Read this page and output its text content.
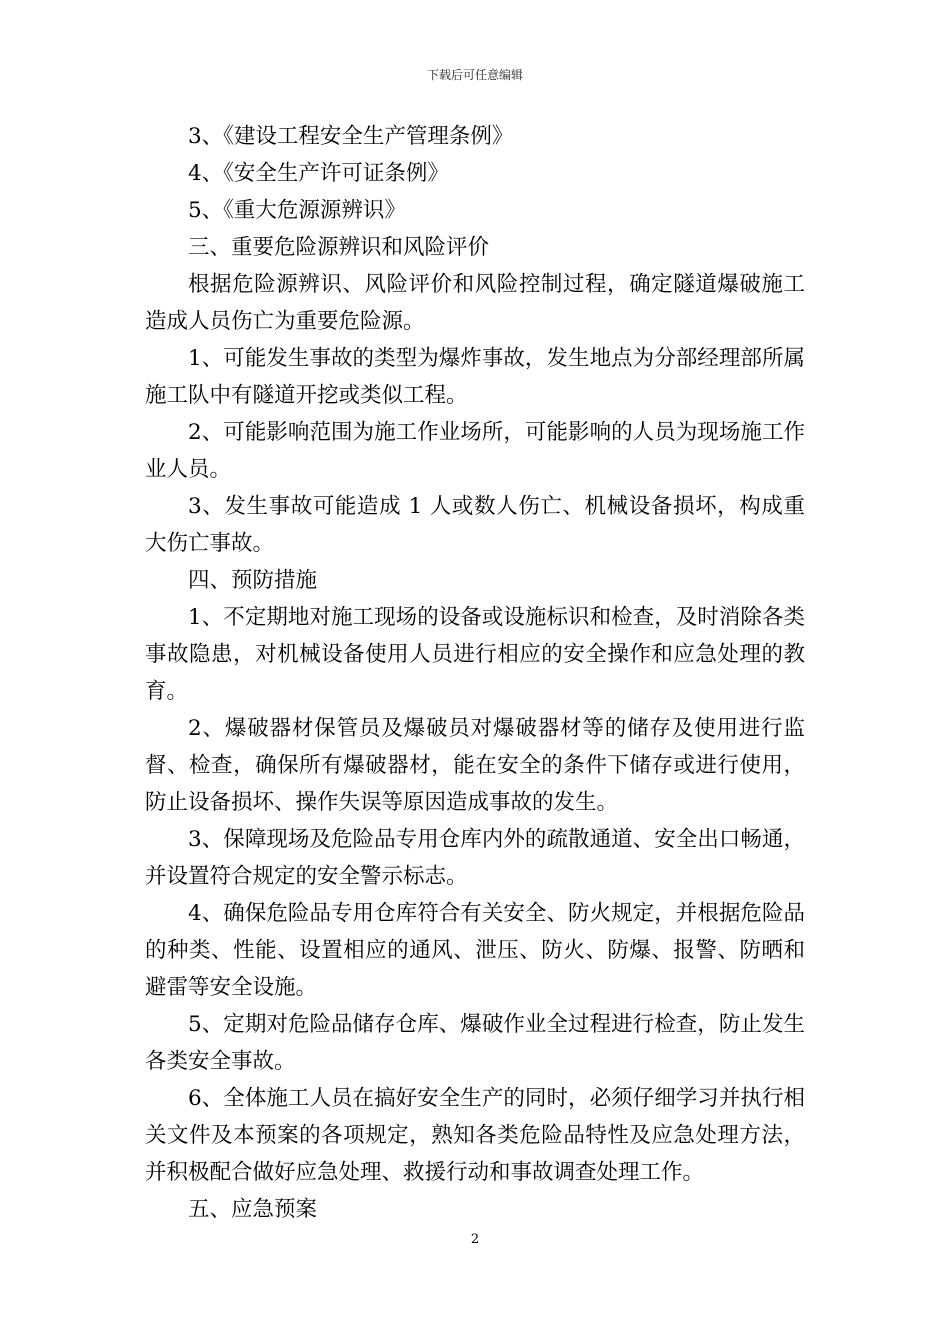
下载后可任意编辑

3、《建设工程安全生产管理条例》

4、《安全生产许可证条例》

5、《重大危源源辨识》

三、重要危险源辨识和风险评价

根据危险源辨识、风险评价和风险控制过程，确定隧道爆破施工造成人员伤亡为重要危险源。

1、可能发生事故的类型为爆炸事故，发生地点为分部经理部所属施工队中有隧道开挖或类似工程。

2、可能影响范围为施工作业场所，可能影响的人员为现场施工作业人员。

3、发生事故可能造成 1 人或数人伤亡、机械设备损坏，构成重大伤亡事故。

四、预防措施

1、不定期地对施工现场的设备或设施标识和检查，及时消除各类事故隐患，对机械设备使用人员进行相应的安全操作和应急处理的教育。

2、爆破器材保管员及爆破员对爆破器材等的储存及使用进行监督、检查，确保所有爆破器材，能在安全的条件下储存或进行使用，防止设备损坏、操作失误等原因造成事故的发生。

3、保障现场及危险品专用仓库内外的疏散通道、安全出口畅通，并设置符合规定的安全警示标志。

4、确保危险品专用仓库符合有关安全、防火规定，并根据危险品的种类、性能、设置相应的通风、泄压、防火、防爆、报警、防晒和避雷等安全设施。

5、定期对危险品储存仓库、爆破作业全过程进行检查，防止发生各类安全事故。

6、全体施工人员在搞好安全生产的同时，必须仔细学习并执行相关文件及本预案的各项规定，熟知各类危险品特性及应急处理方法，并积极配合做好应急处理、救援行动和事故调查处理工作。

五、应急预案

2
